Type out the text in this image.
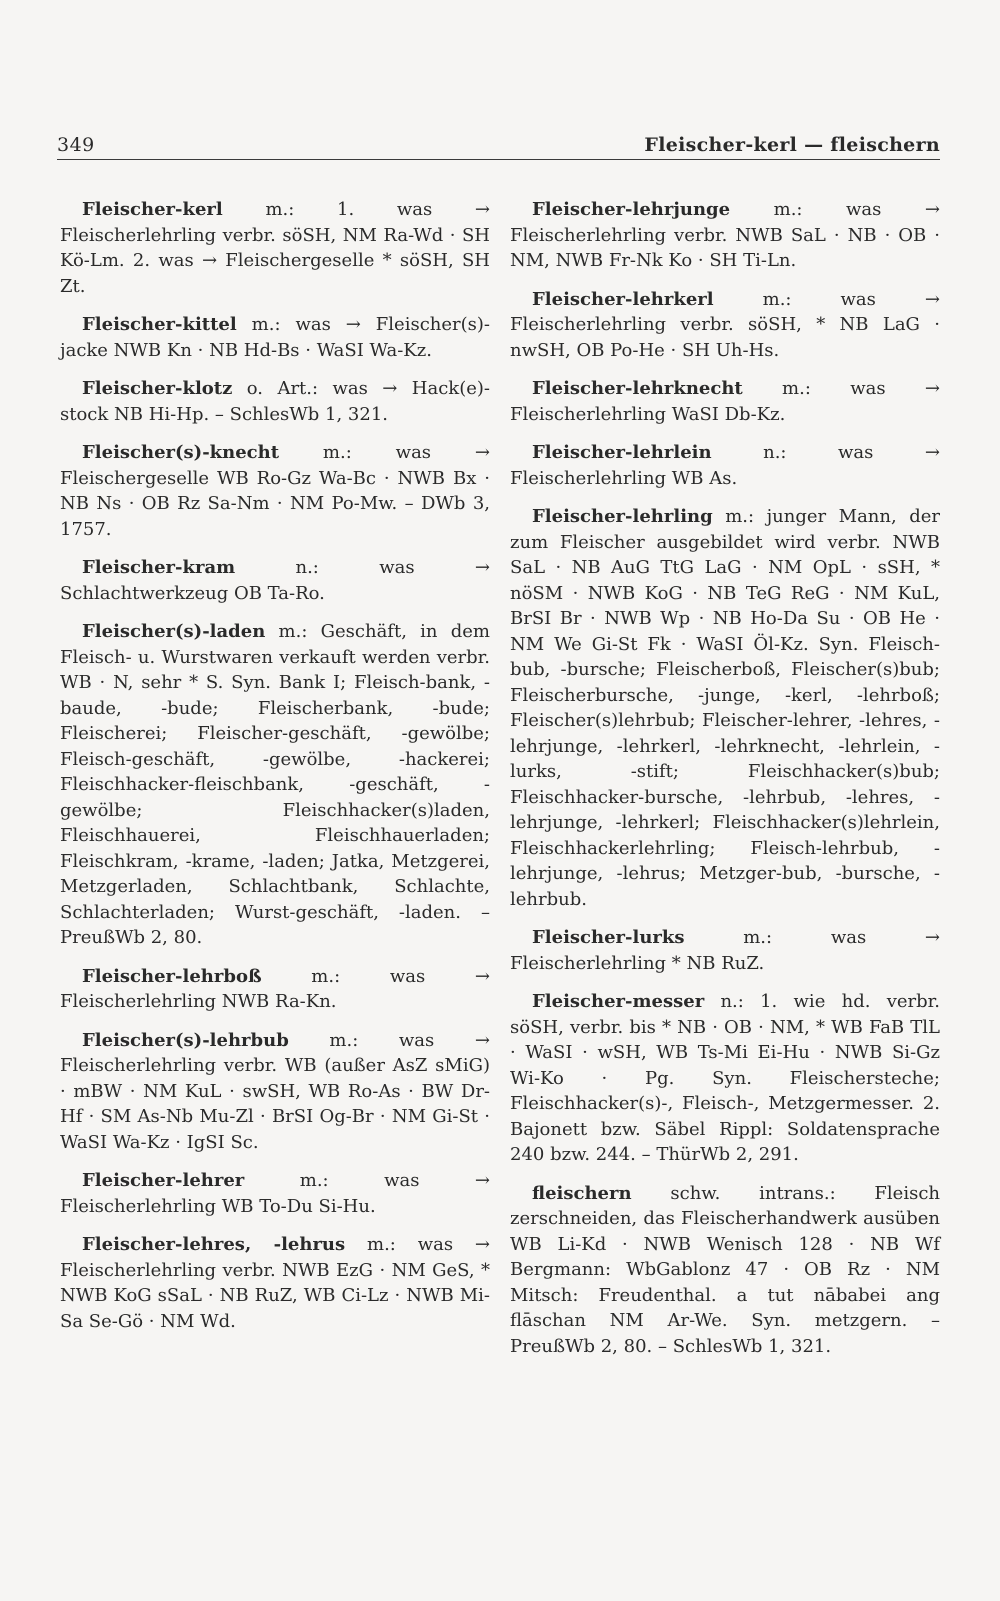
349	Fleischer-kerl — fleischern

Fleischer-kerl m.: 1. was → Fleischerlehrling verbr. söSH, NM Ra-Wd · SH Kö-Lm. 2. was → Fleischergeselle * söSH, SH Zt.

Fleischer-kittel m.: was → Fleischer(s)-jacke NWB Kn · NB Hd-Bs · WaSI Wa-Kz.

Fleischer-klotz o. Art.: was → Hack(e)-stock NB Hi-Hp. – SchlesWb 1, 321.

Fleischer(s)-knecht m.: was → Fleischergeselle WB Ro-Gz Wa-Bc · NWB Bx · NB Ns · OB Rz Sa-Nm · NM Po-Mw. – DWb 3, 1757.

Fleischer-kram n.: was → Schlachtwerkzeug OB Ta-Ro.

Fleischer(s)-laden m.: Geschäft, in dem Fleisch- u. Wurstwaren verkauft werden verbr. WB · N, sehr * S. Syn. Bank I; Fleisch-bank, -baude, -bude; Fleischerbank, -bude; Fleischerei; Fleischer-geschäft, -gewölbe; Fleisch-geschäft, -gewölbe, -hackerei; Fleischhacker-fleischbank, -geschäft, -gewölbe; Fleischhacker(s)laden, Fleischhauerei, Fleischhauerladen; Fleischkram, -krame, -laden; Jatka, Metzgerei, Metzgerladen, Schlachtbank, Schlachte, Schlachterladen; Wurst-geschäft, -laden. – PreußWb 2, 80.

Fleischer-lehrboß m.: was → Fleischerlehrling NWB Ra-Kn.

Fleischer(s)-lehrbub m.: was → Fleischerlehrling verbr. WB (außer AsZ sMiG) · mBW · NM KuL · swSH, WB Ro-As · BW Dr-Hf · SM As-Nb Mu-Zl · BrSI Og-Br · NM Gi-St · WaSI Wa-Kz · IgSI Sc.

Fleischer-lehrer m.: was → Fleischerlehrling WB To-Du Si-Hu.

Fleischer-lehres, -lehrus m.: was → Fleischerlehrling verbr. NWB EzG · NM GeS, * NWB KoG sSaL · NB RuZ, WB Ci-Lz · NWB Mi-Sa Se-Gö · NM Wd.

Fleischer-lehrjunge m.: was → Fleischerlehrling verbr. NWB SaL · NB · OB · NM, NWB Fr-Nk Ko · SH Ti-Ln.

Fleischer-lehrkerl m.: was → Fleischerlehrling verbr. söSH, * NB LaG · nwSH, OB Po-He · SH Uh-Hs.

Fleischer-lehrknecht m.: was → Fleischerlehrling WaSI Db-Kz.

Fleischer-lehrlein n.: was → Fleischerlehrling WB As.

Fleischer-lehrling m.: junger Mann, der zum Fleischer ausgebildet wird verbr. NWB SaL · NB AuG TtG LaG · NM OpL · sSH, * nöSM · NWB KoG · NB TeG ReG · NM KuL, BrSI Br · NWB Wp · NB Ho-Da Su · OB He · NM We Gi-St Fk · WaSI Öl-Kz. Syn. Fleisch-bub, -bursche; Fleischerboß, Fleischer(s)bub; Fleischerbursche, -junge, -kerl, -lehrboß; Fleischer(s)lehrbub; Fleischer-lehrer, -lehres, -lehrjunge, -lehrkerl, -lehrknecht, -lehrlein, -lurks, -stift; Fleischhacker(s)bub; Fleischhacker-bursche, -lehrbub, -lehres, -lehrjunge, -lehrkerl; Fleischhacker(s)lehrlein, Fleischhackerlehrling; Fleisch-lehrbub, -lehrjunge, -lehrus; Metzger-bub, -bursche, -lehrbub.

Fleischer-lurks m.: was → Fleischerlehrling * NB RuZ.

Fleischer-messer n.: 1. wie hd. verbr. söSH, verbr. bis * NB · OB · NM, * WB FaB TlL · WaSI · wSH, WB Ts-Mi Ei-Hu · NWB Si-Gz Wi-Ko · Pg. Syn. Fleischersteche; Fleischhacker(s)-, Fleisch-, Metzgermesser. 2. Bajonett bzw. Säbel Rippl: Soldatensprache 240 bzw. 244. – ThürWb 2, 291.

fleischern schw. intrans.: Fleisch zerschneiden, das Fleischerhandwerk ausüben WB Li-Kd · NWB Wenisch 128 · NB Wf Bergmann: WbGablonz 47 · OB Rz · NM Mitsch: Freudenthal. a tut nābabei ang flāschan NM Ar-We. Syn. metzgern. – PreußWb 2, 80. – SchlesWb 1, 321.
